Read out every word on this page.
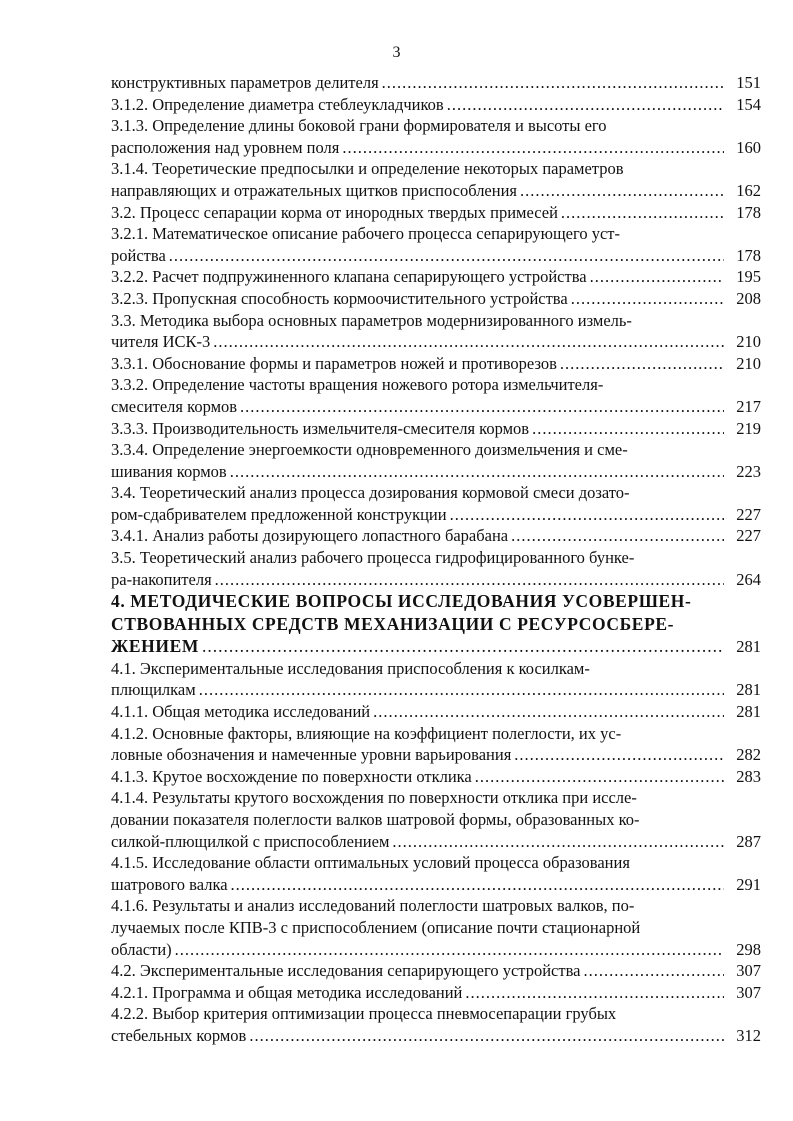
3
конструктивных параметров делителя .....	151
3.1.2. Определение диаметра стеблеукладчиков .....	154
3.1.3. Определение длины боковой грани формирователя и высоты его
расположения над уровнем поля .....	160
3.1.4. Теоретические предпосылки и определение некоторых параметров
направляющих и отражательных щитков приспособления .....	162
3.2. Процесс сепарации корма от инородных твердых примесей .....	178
3.2.1. Математическое описание рабочего процесса сепарирующего уст-
ройства .....	178
3.2.2. Расчет подпружиненного клапана сепарирующего устройства .....	195
3.2.3. Пропускная способность кормоочистительного устройства .....	208
3.3. Методика выбора основных параметров модернизированного измель-
чителя ИСК-3 .....	210
3.3.1. Обоснование формы и параметров ножей и противорезов .....	210
3.3.2. Определение частоты вращения ножевого ротора измельчителя-
смесителя кормов .....	217
3.3.3. Производительность измельчителя-смесителя кормов .....	219
3.3.4. Определение энергоемкости одновременного доизмельчения и сме-
шивания кормов .....	223
3.4. Теоретический анализ процесса дозирования кормовой смеси дозато-
ром-сдабривателем предложенной конструкции .....	227
3.4.1. Анализ работы дозирующего лопастного барабана .....	227
3.5. Теоретический анализ рабочего процесса гидрофицированного бунке-
ра-накопителя .....	264
4. МЕТОДИЧЕСКИЕ ВОПРОСЫ ИССЛЕДОВАНИЯ УСОВЕРШЕН-
СТВОВАННЫХ СРЕДСТВ МЕХАНИЗАЦИИ С РЕСУРСОСБЕРЕ-
ЖЕНИЕМ .....	281
4.1. Экспериментальные исследования приспособления к косилкам-
плющилкам .....	281
4.1.1. Общая методика исследований .....	281
4.1.2. Основные факторы, влияющие на коэффициент полеглости, их ус-
ловные обозначения и намеченные уровни варьирования .....	282
4.1.3. Крутое восхождение по поверхности отклика .....	283
4.1.4. Результаты крутого восхождения по поверхности отклика при иссле-
довании показателя полеглости валков шатровой формы, образованных ко-
силкой-плющилкой с приспособлением .....	287
4.1.5. Исследование области оптимальных условий процесса образования
шатрового валка .....	291
4.1.6. Результаты и анализ исследований полеглости шатровых валков, по-
лучаемых после КПВ-3 с приспособлением (описание почти стационарной
области) .....	298
4.2. Экспериментальные исследования сепарирующего устройства .....	307
4.2.1. Программа и общая методика исследований .....	307
4.2.2. Выбор критерия оптимизации процесса пневмосепарации грубых
стебельных кормов .....	312
